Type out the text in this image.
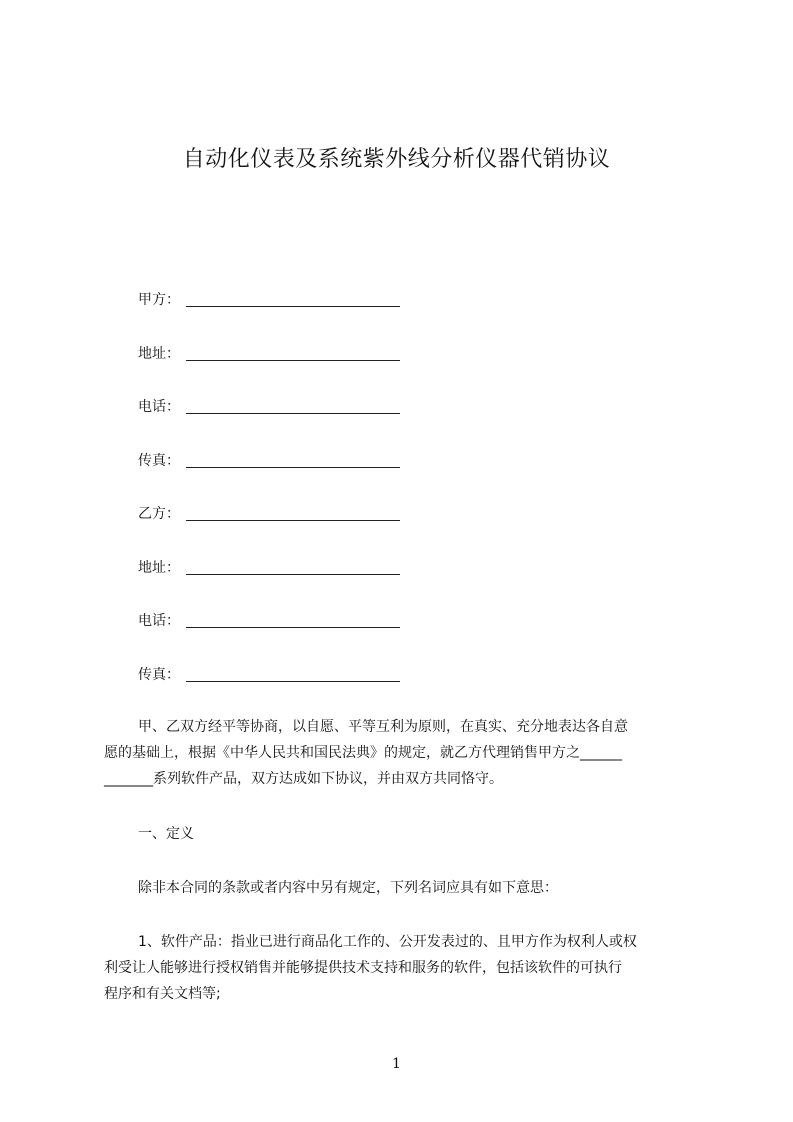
自动化仪表及系统紫外线分析仪器代销协议
甲方：
地址：
电话：
传真：
乙方：
地址：
电话：
传真：
甲、乙双方经平等协商，以自愿、平等互利为原则，在真实、充分地表达各自意
愿的基础上，根据《中华人民共和国民法典》的规定，就乙方代理销售甲方之______
_______系列软件产品，双方达成如下协议，并由双方共同恪守。
一、定义
除非本合同的条款或者内容中另有规定，下列名词应具有如下意思：
1、软件产品：指业已进行商品化工作的、公开发表过的、且甲方作为权利人或权
利受让人能够进行授权销售并能够提供技术支持和服务的软件，包括该软件的可执行
程序和有关文档等;
1
